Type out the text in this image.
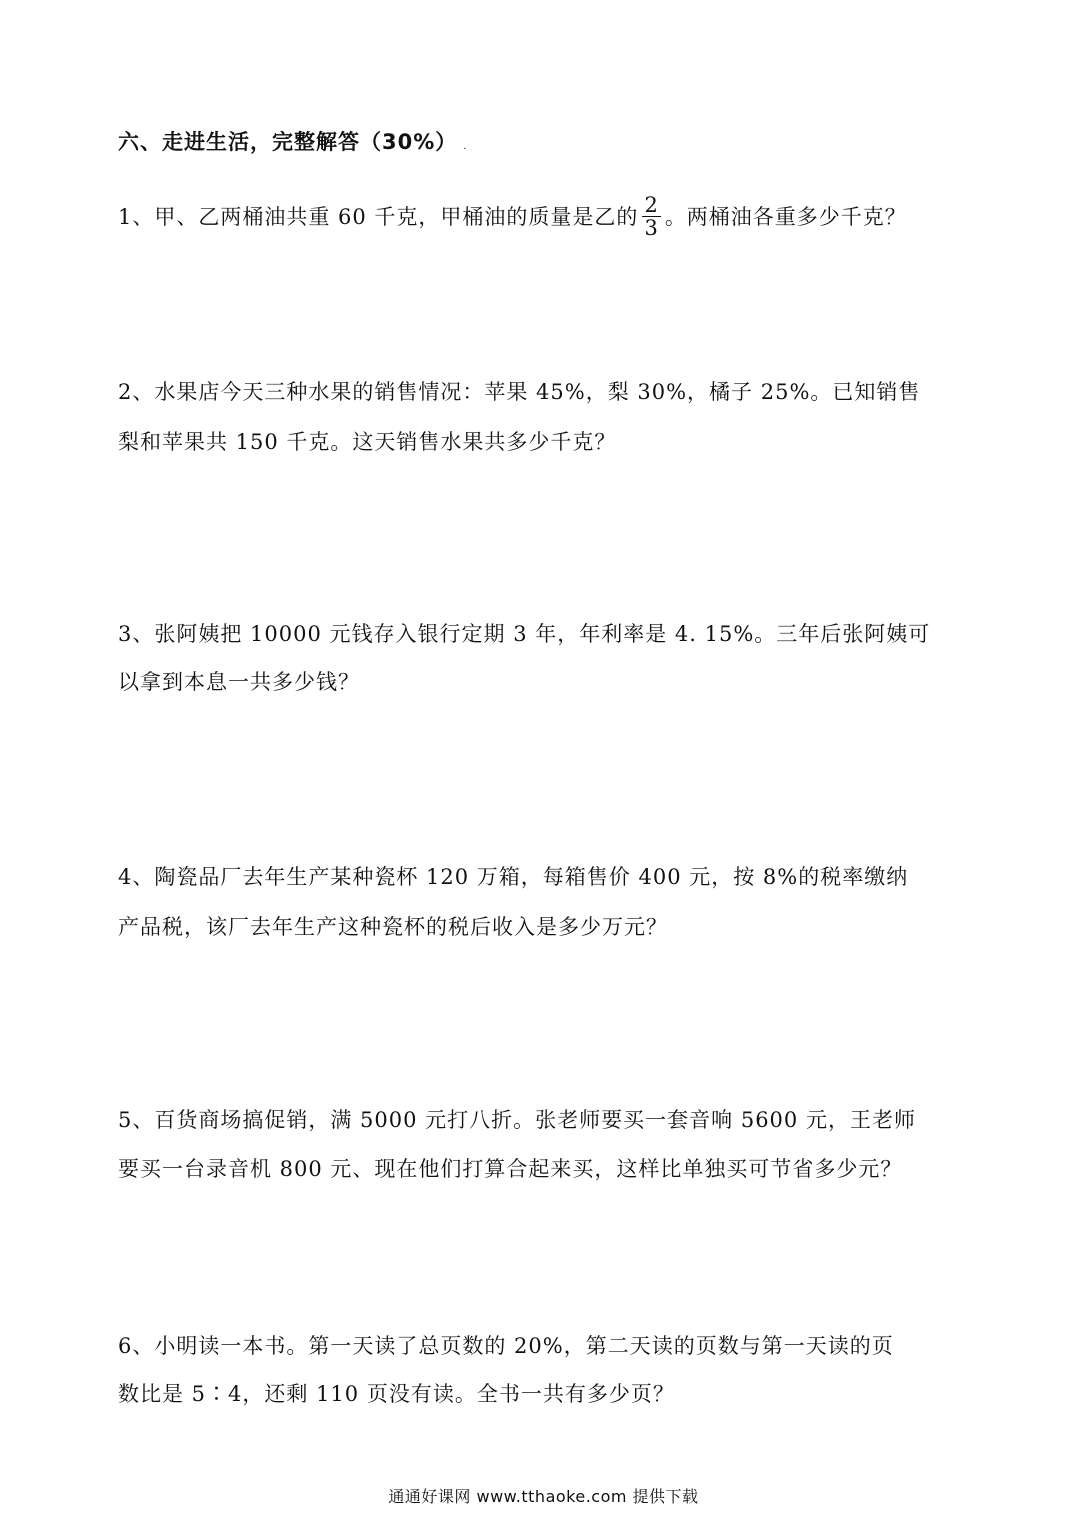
六、走进生活，完整解答（30%） .
1、甲、乙两桶油共重 60 千克，甲桶油的质量是乙的 $\frac{2}{3}$ 。两桶油各重多少千克？
2、水果店今天三种水果的销售情况：苹果 45%，梨 30%，橘子 25%。已知销售
梨和苹果共 150 千克。这天销售水果共多少千克？
3、张阿姨把 10000 元钱存入银行定期 3 年，年利率是 4. 15%。三年后张阿姨可
以拿到本息一共多少钱？
4、陶瓷品厂去年生产某种瓷杯 120 万箱，每箱售价 400 元，按 8%的税率缴纳
产品税，该厂去年生产这种瓷杯的税后收入是多少万元？
5、百货商场搞促销，满 5000 元打八折。张老师要买一套音响 5600 元，王老师
要买一台录音机 800 元、现在他们打算合起来买，这样比单独买可节省多少元？
6、小明读一本书。第一天读了总页数的 20%，第二天读的页数与第一天读的页
数比是 5∶4，还剩 110 页没有读。全书一共有多少页？
通通好课网 www.tthaoke.com 提供下载
